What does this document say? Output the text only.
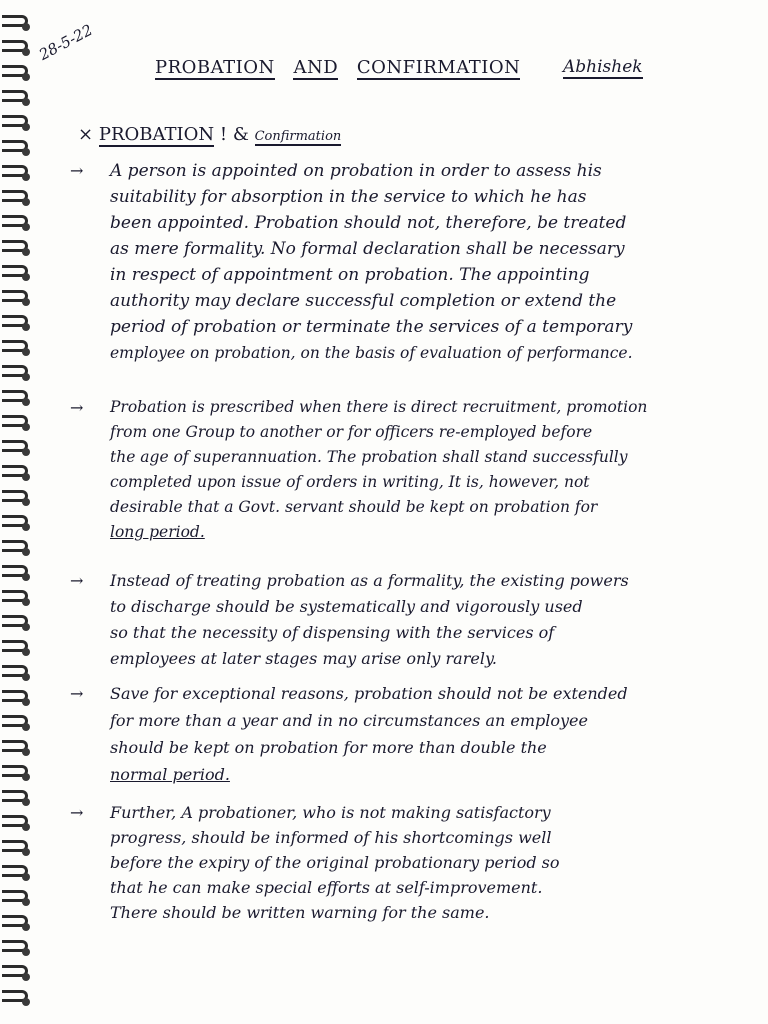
28-5-22
PROBATION AND CONFIRMATION	Abhishek
× PROBATION ! & Confirmation
→ A person is appointed on probation in order to assess his
suitability for absorption in the service to which he has
been appointed. Probation should not, therefore, be treated
as mere formality. No formal declaration shall be necessary
in respect of appointment on probation. The appointing
authority may declare successful completion or extend the
period of probation or terminate the services of a temporary
employee on probation, on the basis of evaluation of performance.
→ Probation is prescribed when there is direct recruitment, promotion
from one Group to another or for officers re-employed before
the age of superannuation. The probation shall stand successfully
completed upon issue of orders in writing, It is, however, not
desirable that a Govt. servant should be kept on probation for
long period.
→ Instead of treating probation as a formality, the existing powers
to discharge should be systematically and vigorously used
so that the necessity of dispensing with the services of
employees at later stages may arise only rarely.
→ Save for exceptional reasons, probation should not be extended
for more than a year and in no circumstances an employee
should be kept on probation for more than double the
normal period.
→ Further, A probationer, who is not making satisfactory
progress, should be informed of his shortcomings well
before the expiry of the original probationary period so
that he can make special efforts at self-improvement.
There should be written warning for the same.
